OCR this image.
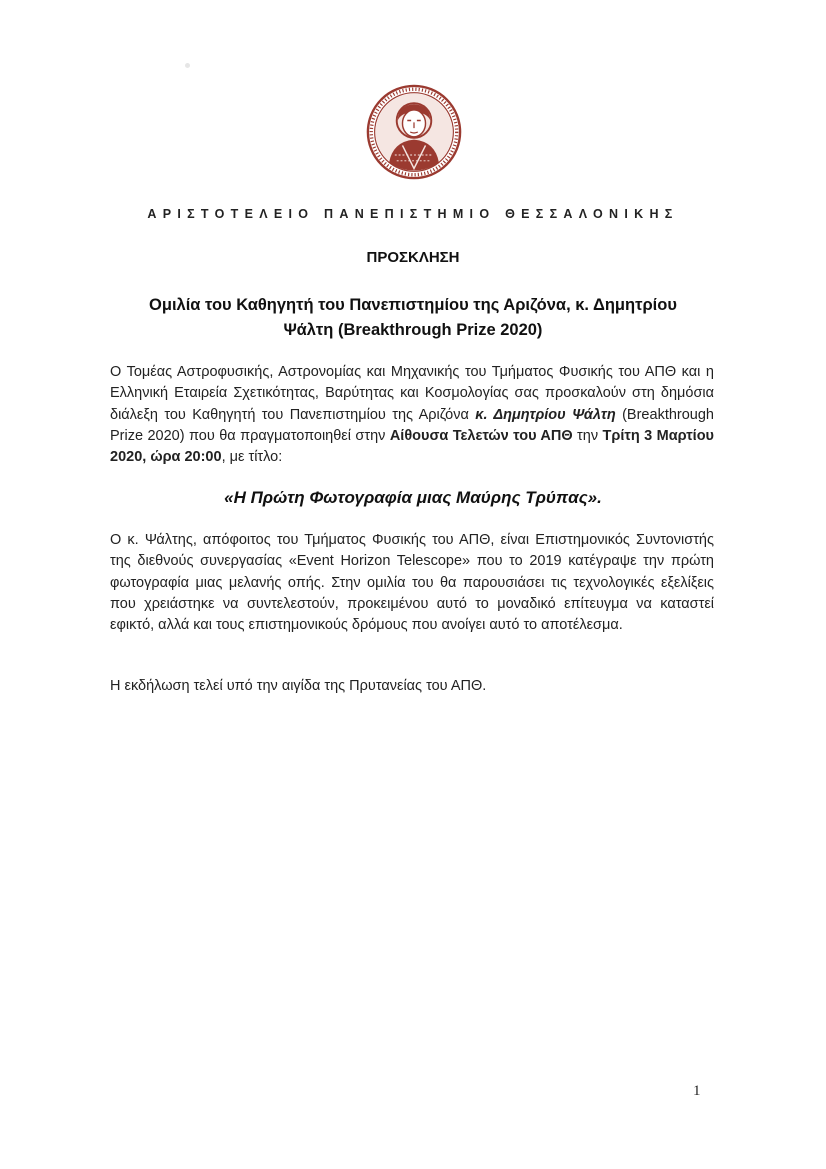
ΑΡΙΣΤΟΤΕΛΕΙΟ ΠΑΝΕΠΙΣΤΗΜΙΟ ΘΕΣΣΑΛΟΝΙΚΗΣ
ΠΡΟΣΚΛΗΣΗ
Ομιλία του Καθηγητή του Πανεπιστημίου της Αριζόνα, κ. Δημητρίου
Ψάλτη (Breakthrough Prize 2020)
Ο Τομέας Αστροφυσικής, Αστρονομίας και Μηχανικής του Τμήματος Φυσικής του ΑΠΘ και η Ελληνική Εταιρεία Σχετικότητας, Βαρύτητας και Κοσμολογίας σας προσκαλούν στη δημόσια διάλεξη του Καθηγητή του Πανεπιστημίου της Αριζόνα κ. Δημητρίου Ψάλτη (Breakthrough Prize 2020) που θα πραγματοποιηθεί στην Αίθουσα Τελετών του ΑΠΘ την Τρίτη 3 Μαρτίου 2020, ώρα 20:00, με τίτλο:
«Η Πρώτη Φωτογραφία μιας Μαύρης Τρύπας».
Ο κ. Ψάλτης, απόφοιτος του Τμήματος Φυσικής του ΑΠΘ, είναι Επιστημονικός Συντονιστής της διεθνούς συνεργασίας «Event Horizon Telescope» που το 2019 κατέγραψε την πρώτη φωτογραφία μιας μελανής οπής. Στην ομιλία του θα παρουσιάσει τις τεχνολογικές εξελίξεις που χρειάστηκε να συντελεστούν, προκειμένου αυτό το μοναδικό επίτευγμα να καταστεί εφικτό, αλλά και τους επιστημονικούς δρόμους που ανοίγει αυτό το αποτέλεσμα.
Η εκδήλωση τελεί υπό την αιγίδα της Πρυτανείας του ΑΠΘ.
1
